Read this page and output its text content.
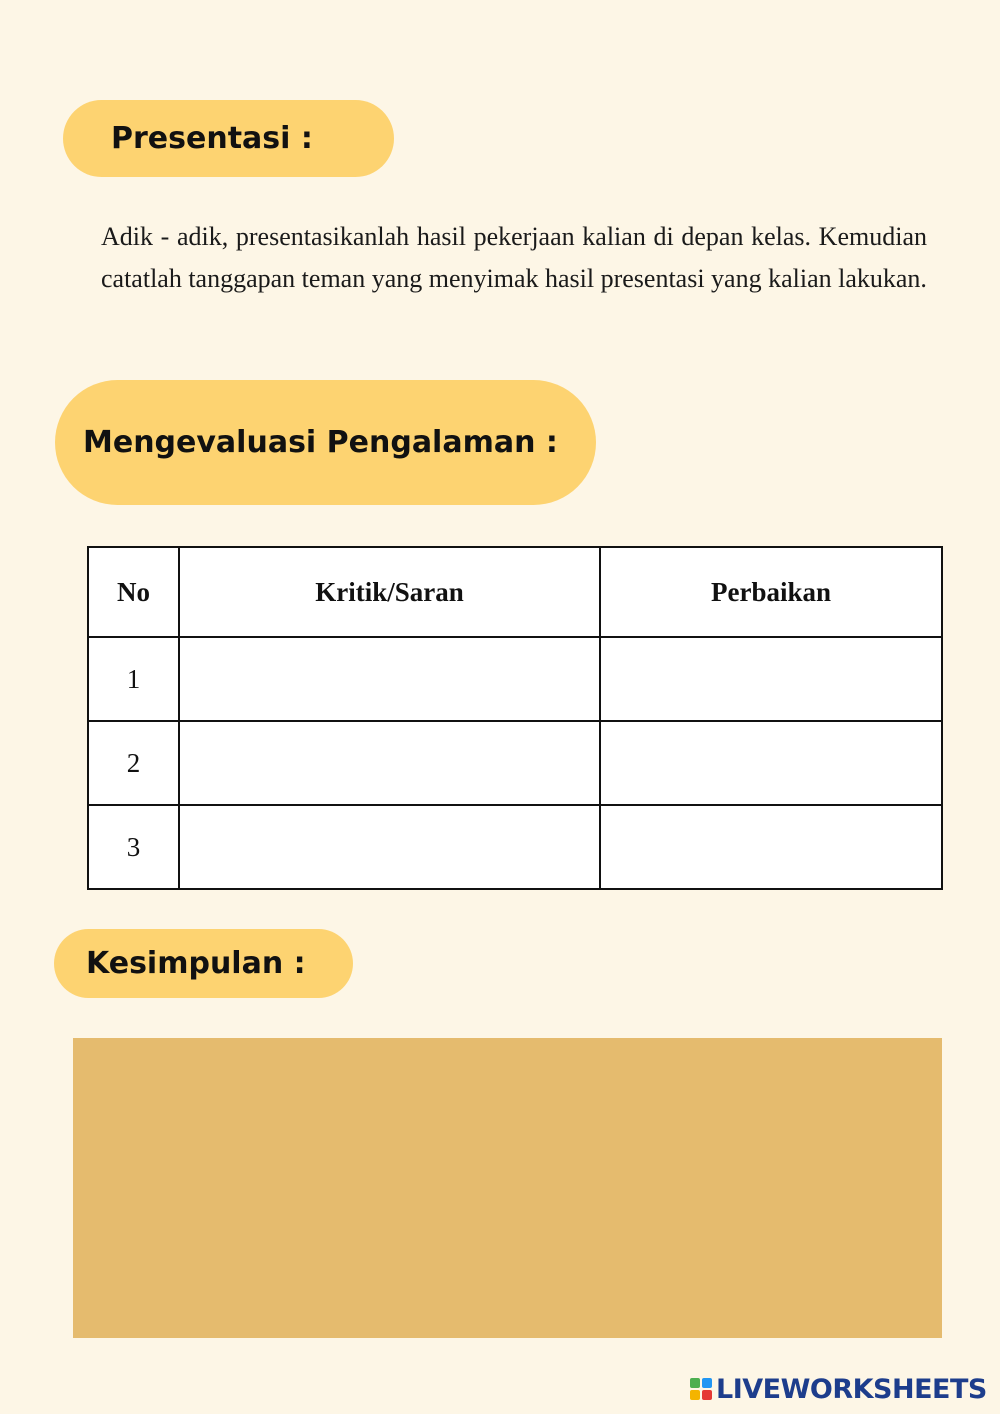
Presentasi :

Adik - adik, presentasikanlah hasil pekerjaan kalian di depan kelas. Kemudian catatlah tanggapan teman yang menyimak hasil presentasi yang kalian lakukan.

Mengevaluasi Pengalaman :
No	Kritik/Saran	Perbaikan
1		
2		
3		
Kesimpulan :
LIVEWORKSHEETS
